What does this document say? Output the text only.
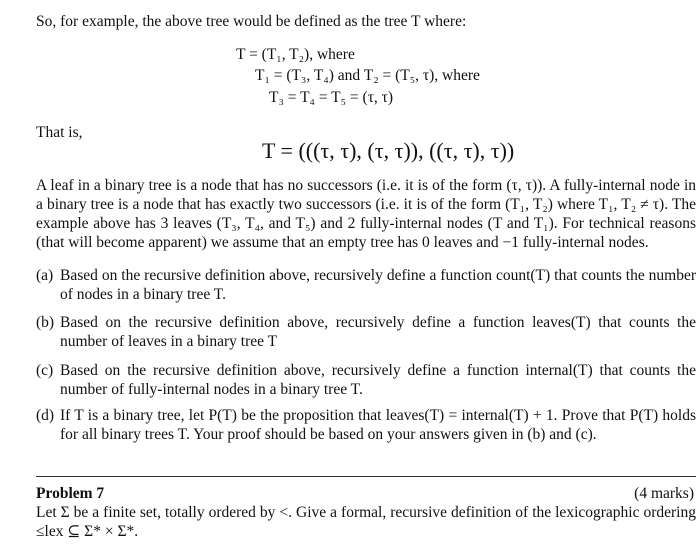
So, for example, the above tree would be defined as the tree T where:
T = (T₁, T₂), where
T₁ = (T₃, T₄) and T₂ = (T₅, τ), where
T₃ = T₄ = T₅ = (τ, τ)
That is,
T = (((τ, τ), (τ, τ)), ((τ, τ), τ))
A leaf in a binary tree is a node that has no successors (i.e. it is of the form (τ, τ)). A fully-internal node in a binary tree is a node that has exactly two successors (i.e. it is of the form (T₁, T₂) where T₁, T₂ ≠ τ). The example above has 3 leaves (T₃, T₄, and T₅) and 2 fully-internal nodes (T and T₁). For technical reasons (that will become apparent) we assume that an empty tree has 0 leaves and −1 fully-internal nodes.
(a) Based on the recursive definition above, recursively define a function count(T) that counts the number of nodes in a binary tree T.
(b) Based on the recursive definition above, recursively define a function leaves(T) that counts the number of leaves in a binary tree T
(c) Based on the recursive definition above, recursively define a function internal(T) that counts the number of fully-internal nodes in a binary tree T.
(d) If T is a binary tree, let P(T) be the proposition that leaves(T) = internal(T) + 1. Prove that P(T) holds for all binary trees T. Your proof should be based on your answers given in (b) and (c).
Problem 7	(4 marks)
Let Σ be a finite set, totally ordered by <. Give a formal, recursive definition of the lexicographic ordering ≤lex ⊆ Σ* × Σ*.
